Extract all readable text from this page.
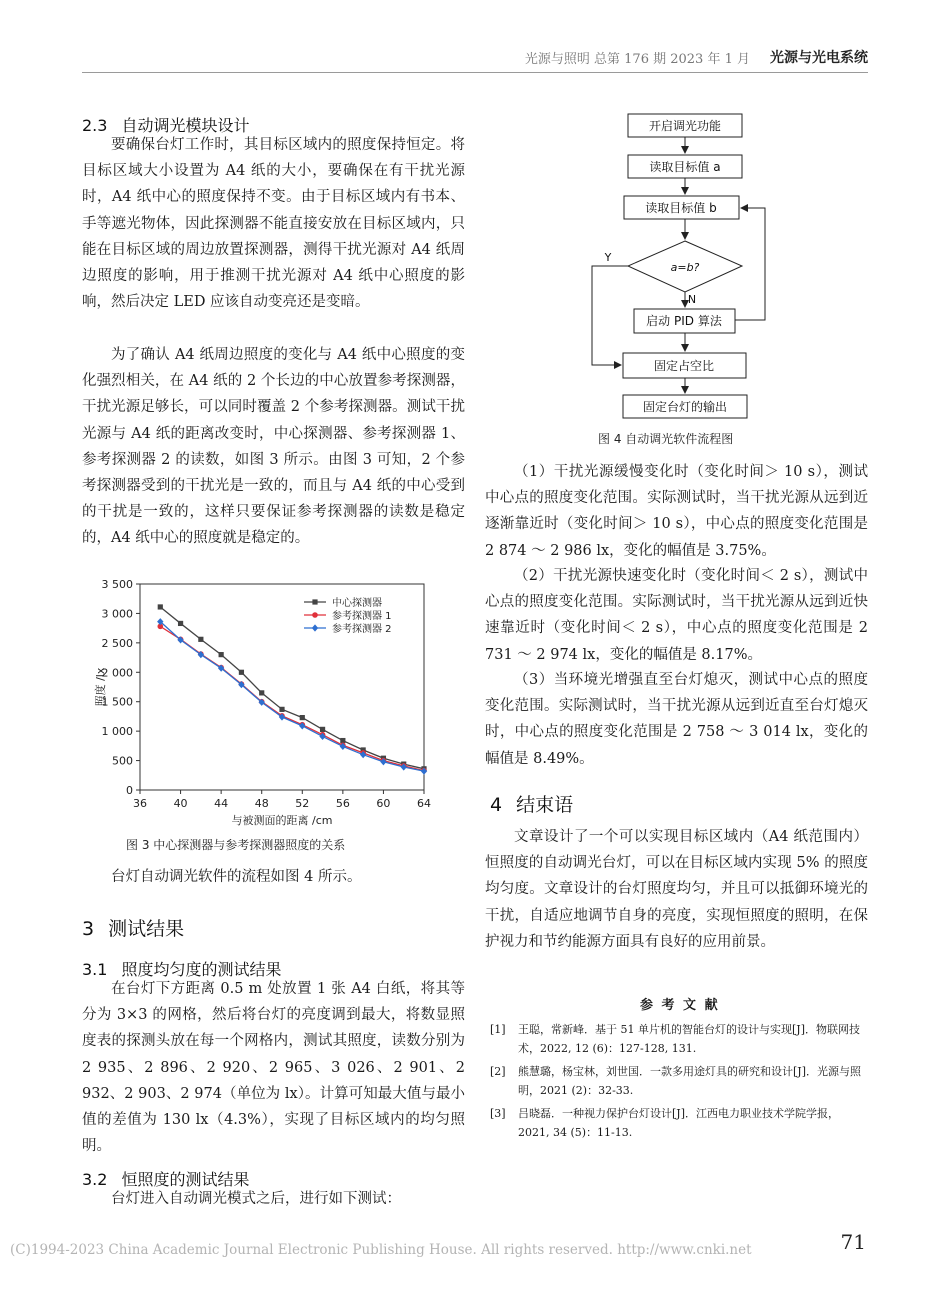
光源与照明 总第 176 期 2023 年 1 月 光源与光电系统
2.3 自动调光模块设计

要确保台灯工作时，其目标区域内的照度保持恒定。将目标区域大小设置为 A4 纸的大小，要确保在有干扰光源时，A4 纸中心的照度保持不变。由于目标区域内有书本、手等遮光物体，因此探测器不能直接安放在目标区域内，只能在目标区域的周边放置探测器，测得干扰光源对 A4 纸周边照度的影响，用于推测干扰光源对 A4 纸中心照度的影响，然后决定 LED 应该自动变亮还是变暗。

为了确认 A4 纸周边照度的变化与 A4 纸中心照度的变化强烈相关，在 A4 纸的 2 个长边的中心放置参考探测器，干扰光源足够长，可以同时覆盖 2 个参考探测器。测试干扰光源与 A4 纸的距离改变时，中心探测器、参考探测器 1、参考探测器 2 的读数，如图 3 所示。由图 3 可知，2 个参考探测器受到的干扰光是一致的，而且与 A4 纸的中心受到的干扰是一致的，这样只要保证参考探测器的读数是稳定的，A4 纸中心的照度就是稳定的。

0
500
1 000
1 500
2 000
2 500
3 000
3 500
36 40 44 48 52 56 60 64
与被测面的距离 /cm
照度 /lx
中心探测器
参考探测器 1
参考探测器 2
图 3 中心探测器与参考探测器照度的关系

台灯自动调光软件的流程如图 4 所示。

3 测试结果
3.1 照度均匀度的测试结果

在台灯下方距离 0.5 m 处放置 1 张 A4 白纸，将其等分为 3×3 的网格，然后将台灯的亮度调到最大，将数显照度表的探测头放在每一个网格内，测试其照度，读数分别为 2 935、2 896、2 920、2 965、3 026、2 901、2 932、2 903、2 974（单位为 lx）。计算可知最大值与最小值的差值为 130 lx（4.3%），实现了目标区域内的均匀照明。

3.2 恒照度的测试结果

台灯进入自动调光模式之后，进行如下测试：

开启调光功能
读取目标值 a
读取目标值 b
a=b?
启动 PID 算法
固定占空比
固定台灯的输出
Y
N
图 4 自动调光软件流程图

（1）干扰光源缓慢变化时（变化时间＞ 10 s），测试中心点的照度变化范围。实际测试时，当干扰光源从远到近逐渐靠近时（变化时间＞ 10 s），中心点的照度变化范围是 2 874 ～ 2 986 lx，变化的幅值是 3.75%。

（2）干扰光源快速变化时（变化时间＜ 2 s），测试中心点的照度变化范围。实际测试时，当干扰光源从远到近快速靠近时（变化时间＜ 2 s），中心点的照度变化范围是 2 731 ～ 2 974 lx，变化的幅值是 8.17%。

（3）当环境光增强直至台灯熄灭，测试中心点的照度变化范围。实际测试时，当干扰光源从远到近直至台灯熄灭时，中心点的照度变化范围是 2 758 ～ 3 014 lx，变化的幅值是 8.49%。

4 结束语

文章设计了一个可以实现目标区域内（A4 纸范围内）恒照度的自动调光台灯，可以在目标区域内实现 5% 的照度均匀度。文章设计的台灯照度均匀，并且可以抵御环境光的干扰，自适应地调节自身的亮度，实现恒照度的照明，在保护视力和节约能源方面具有良好的应用前景。

参 考 文 献
[1]	王聪，常新峰．基于 51 单片机的智能台灯的设计与实现[J]．物联网技术，2022, 12 (6)：127-128, 131.
[2]	熊慧璐，杨宝林，刘世国．一款多用途灯具的研究和设计[J]．光源与照明，2021 (2)：32-33.
[3]	吕晓磊．一种视力保护台灯设计[J]．江西电力职业技术学院学报，2021, 34 (5)：11-13.
(C)1994-2023 China Academic Journal Electronic Publishing House. All rights reserved. http://www.cnki.net	71
